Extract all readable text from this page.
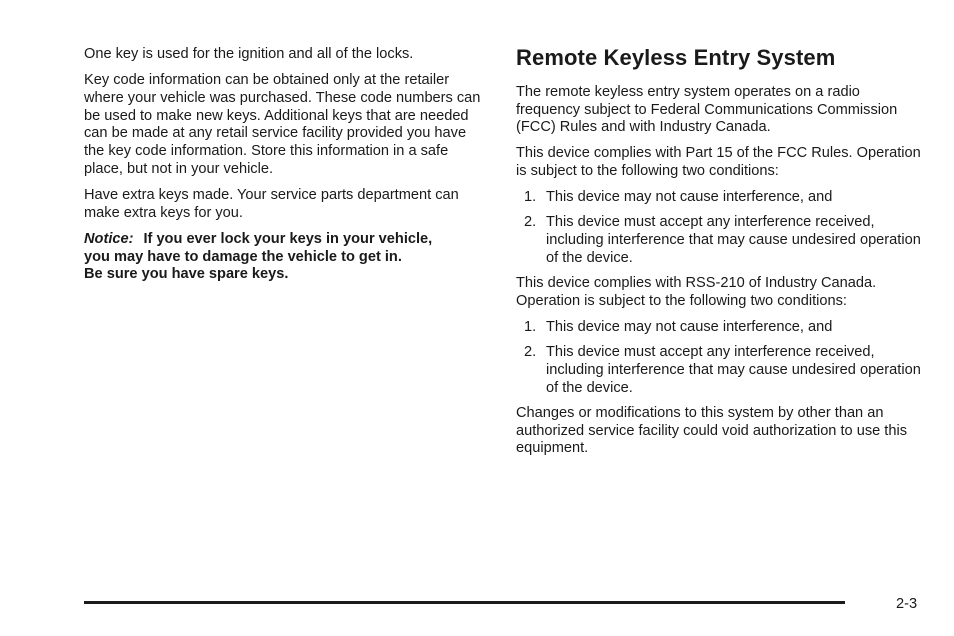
One key is used for the ignition and all of the locks.

Key code information can be obtained only at the retailer where your vehicle was purchased. These code numbers can be used to make new keys. Additional keys that are needed can be made at any retail service facility provided you have the key code information. Store this information in a safe place, but not in your vehicle.

Have extra keys made. Your service parts department can make extra keys for you.

Notice: If you ever lock your keys in your vehicle,
you may have to damage the vehicle to get in.
Be sure you have spare keys.

Remote Keyless Entry System

The remote keyless entry system operates on a radio frequency subject to Federal Communications Commission (FCC) Rules and with Industry Canada.

This device complies with Part 15 of the FCC Rules. Operation is subject to the following two conditions:

1. This device may not cause interference, and
2. This device must accept any interference received, including interference that may cause undesired operation of the device.

This device complies with RSS-210 of Industry Canada. Operation is subject to the following two conditions:

1. This device may not cause interference, and
2. This device must accept any interference received, including interference that may cause undesired operation of the device.

Changes or modifications to this system by other than an authorized service facility could void authorization to use this equipment.

2-3
